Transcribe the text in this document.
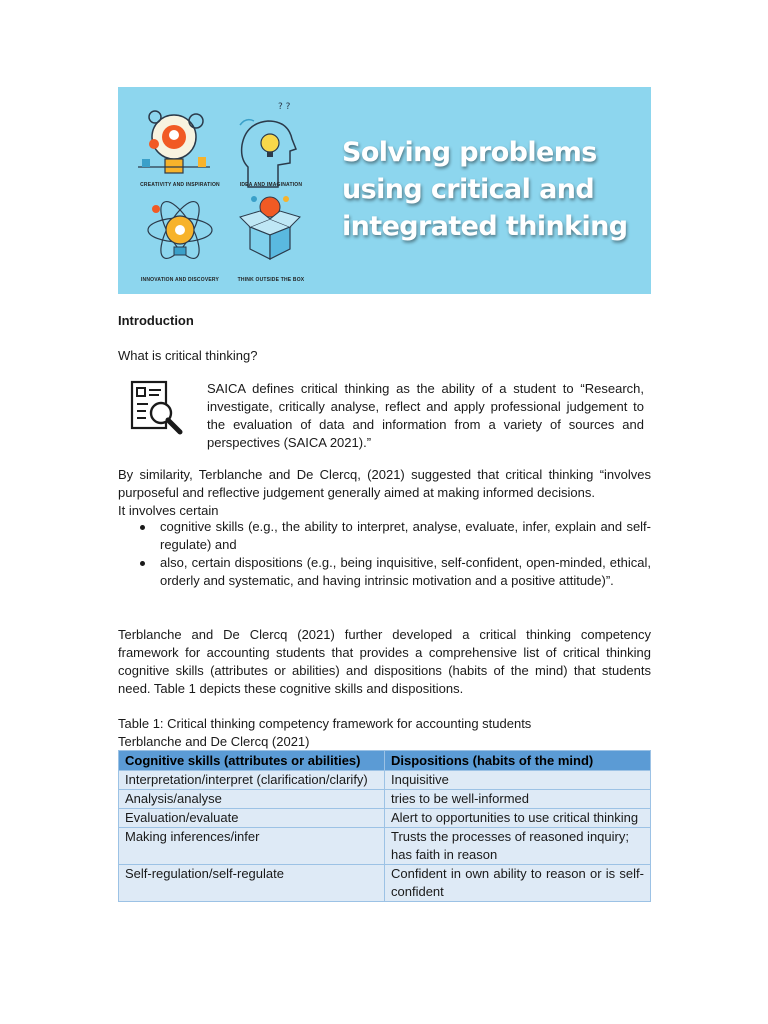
? ?
CREATIVITY AND INSPIRATION	IDEA AND IMAGINATION
INNOVATION AND DISCOVERY	THINK OUTSIDE THE BOX
Solving problems using critical and integrated thinking
Introduction
What is critical thinking?
SAICA defines critical thinking as the ability of a student to “Research, investigate, critically analyse, reflect and apply professional judgement to the evaluation of data and information from a variety of sources and perspectives (SAICA 2021).”
By similarity, Terblanche and De Clercq, (2021) suggested that critical thinking “involves purposeful and reflective judgement generally aimed at making informed decisions.
It involves certain
cognitive skills (e.g., the ability to interpret, analyse, evaluate, infer, explain and self-regulate) and
also, certain dispositions (e.g., being inquisitive, self-confident, open-minded, ethical, orderly and systematic, and having intrinsic motivation and a positive attitude)”.
Terblanche and De Clercq (2021) further developed a critical thinking competency framework for accounting students that provides a comprehensive list of critical thinking cognitive skills (attributes or abilities) and dispositions (habits of the mind) that students need. Table 1 depicts these cognitive skills and dispositions.
Table 1: Critical thinking competency framework for accounting students
Terblanche and De Clercq (2021)
Cognitive skills (attributes or abilities)	Dispositions (habits of the mind)
Interpretation/interpret (clarification/clarify)	Inquisitive
Analysis/analyse	tries to be well-informed
Evaluation/evaluate	Alert to opportunities to use critical thinking
Making inferences/infer	Trusts the processes of reasoned inquiry; has faith in reason
Self-regulation/self-regulate	Confident in own ability to reason or is self-confident
